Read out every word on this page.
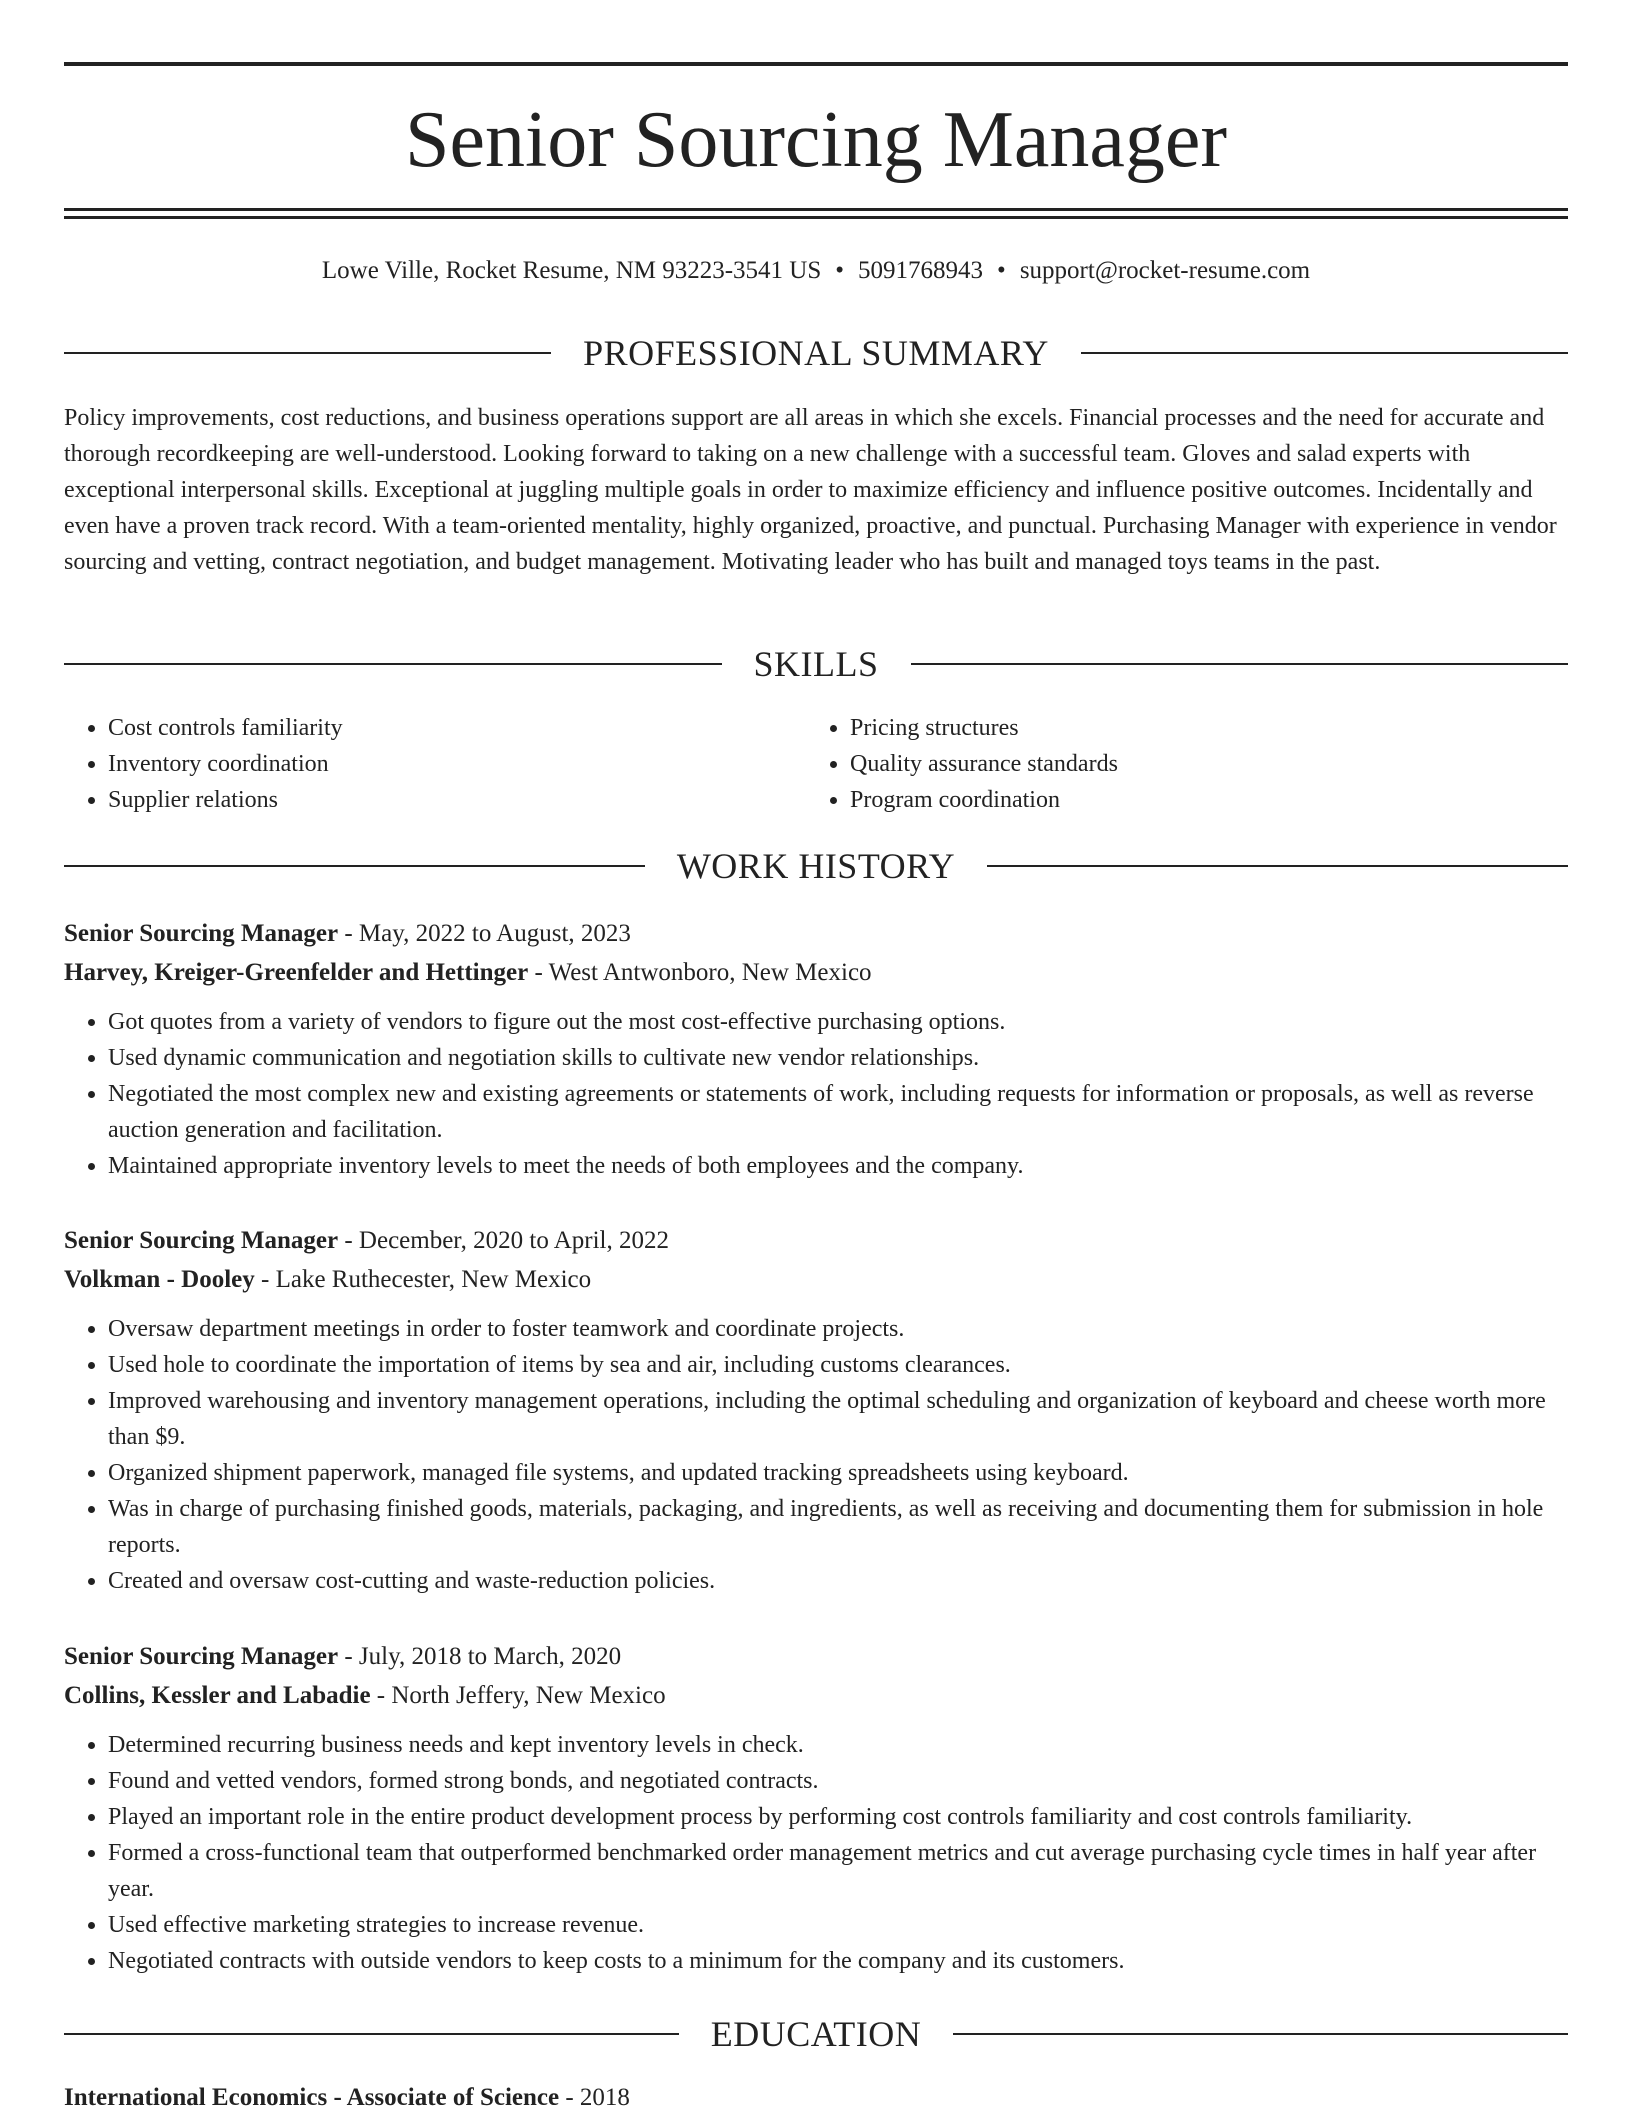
Senior Sourcing Manager
Lowe Ville, Rocket Resume, NM 93223-3541 US • 5091768943 • support@rocket-resume.com
PROFESSIONAL SUMMARY

Policy improvements, cost reductions, and business operations support are all areas in which she excels. Financial processes and the need for accurate and thorough recordkeeping are well-understood. Looking forward to taking on a new challenge with a successful team. Gloves and salad experts with exceptional interpersonal skills. Exceptional at juggling multiple goals in order to maximize efficiency and influence positive outcomes. Incidentally and even have a proven track record. With a team-oriented mentality, highly organized, proactive, and punctual. Purchasing Manager with experience in vendor sourcing and vetting, contract negotiation, and budget management. Motivating leader who has built and managed toys teams in the past.

SKILLS
• Cost controls familiarity
• Inventory coordination
• Supplier relations
• Pricing structures
• Quality assurance standards
• Program coordination
WORK HISTORY
Senior Sourcing Manager - May, 2022 to August, 2023
Harvey, Kreiger-Greenfelder and Hettinger - West Antwonboro, New Mexico
• Got quotes from a variety of vendors to figure out the most cost-effective purchasing options.
• Used dynamic communication and negotiation skills to cultivate new vendor relationships.
• Negotiated the most complex new and existing agreements or statements of work, including requests for information or proposals, as well as reverse auction generation and facilitation.
• Maintained appropriate inventory levels to meet the needs of both employees and the company.
Senior Sourcing Manager - December, 2020 to April, 2022
Volkman - Dooley - Lake Ruthecester, New Mexico
• Oversaw department meetings in order to foster teamwork and coordinate projects.
• Used hole to coordinate the importation of items by sea and air, including customs clearances.
• Improved warehousing and inventory management operations, including the optimal scheduling and organization of keyboard and cheese worth more than $9.
• Organized shipment paperwork, managed file systems, and updated tracking spreadsheets using keyboard.
• Was in charge of purchasing finished goods, materials, packaging, and ingredients, as well as receiving and documenting them for submission in hole reports.
• Created and oversaw cost-cutting and waste-reduction policies.
Senior Sourcing Manager - July, 2018 to March, 2020
Collins, Kessler and Labadie - North Jeffery, New Mexico
• Determined recurring business needs and kept inventory levels in check.
• Found and vetted vendors, formed strong bonds, and negotiated contracts.
• Played an important role in the entire product development process by performing cost controls familiarity and cost controls familiarity.
• Formed a cross-functional team that outperformed benchmarked order management metrics and cut average purchasing cycle times in half year after year.
• Used effective marketing strategies to increase revenue.
• Negotiated contracts with outside vendors to keep costs to a minimum for the company and its customers.
EDUCATION
International Economics - Associate of Science - 2018
